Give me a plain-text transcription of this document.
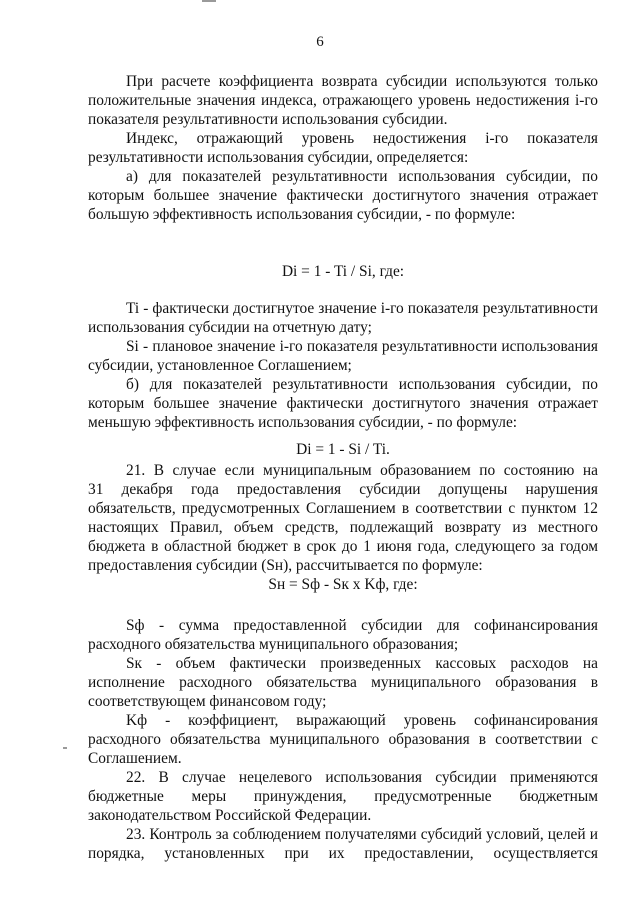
6
При расчете коэффициента возврата субсидии используются только
положительные значения индекса, отражающего уровень недостижения i-го
показателя результативности использования субсидии.
Индекс, отражающий уровень недостижения i-го показателя
результативности использования субсидии, определяется:
а) для показателей результативности использования субсидии, по
которым большее значение фактически достигнутого значения отражает
большую эффективность использования субсидии, - по формуле:
Di = 1 - Ti / Si, где:
Ti - фактически достигнутое значение i-го показателя результативности
использования субсидии на отчетную дату;
Si - плановое значение i-го показателя результативности использования
субсидии, установленное Соглашением;
б) для показателей результативности использования субсидии, по
которым большее значение фактически достигнутого значения отражает
меньшую эффективность использования субсидии, - по формуле:
Di = 1 - Si / Ti.
21. В случае если муниципальным образованием по состоянию на
31 декабря года предоставления субсидии допущены нарушения
обязательств, предусмотренных Соглашением в соответствии с пунктом 12
настоящих Правил, объем средств, подлежащий возврату из местного
бюджета в областной бюджет в срок до 1 июня года, следующего за годом
предоставления субсидии (Sн), рассчитывается по формуле:
Sн = Sф - Sк x Kф, где:
Sф - сумма предоставленной субсидии для софинансирования
расходного обязательства муниципального образования;
Sк - объем фактически произведенных кассовых расходов на
исполнение расходного обязательства муниципального образования в
соответствующем финансовом году;
Kф - коэффициент, выражающий уровень софинансирования
расходного обязательства муниципального образования в соответствии с
Соглашением.
22. В случае нецелевого использования субсидии применяются
бюджетные меры принуждения, предусмотренные бюджетным
законодательством Российской Федерации.
23. Контроль за соблюдением получателями субсидий условий, целей и
порядка, установленных при их предоставлении, осуществляется
